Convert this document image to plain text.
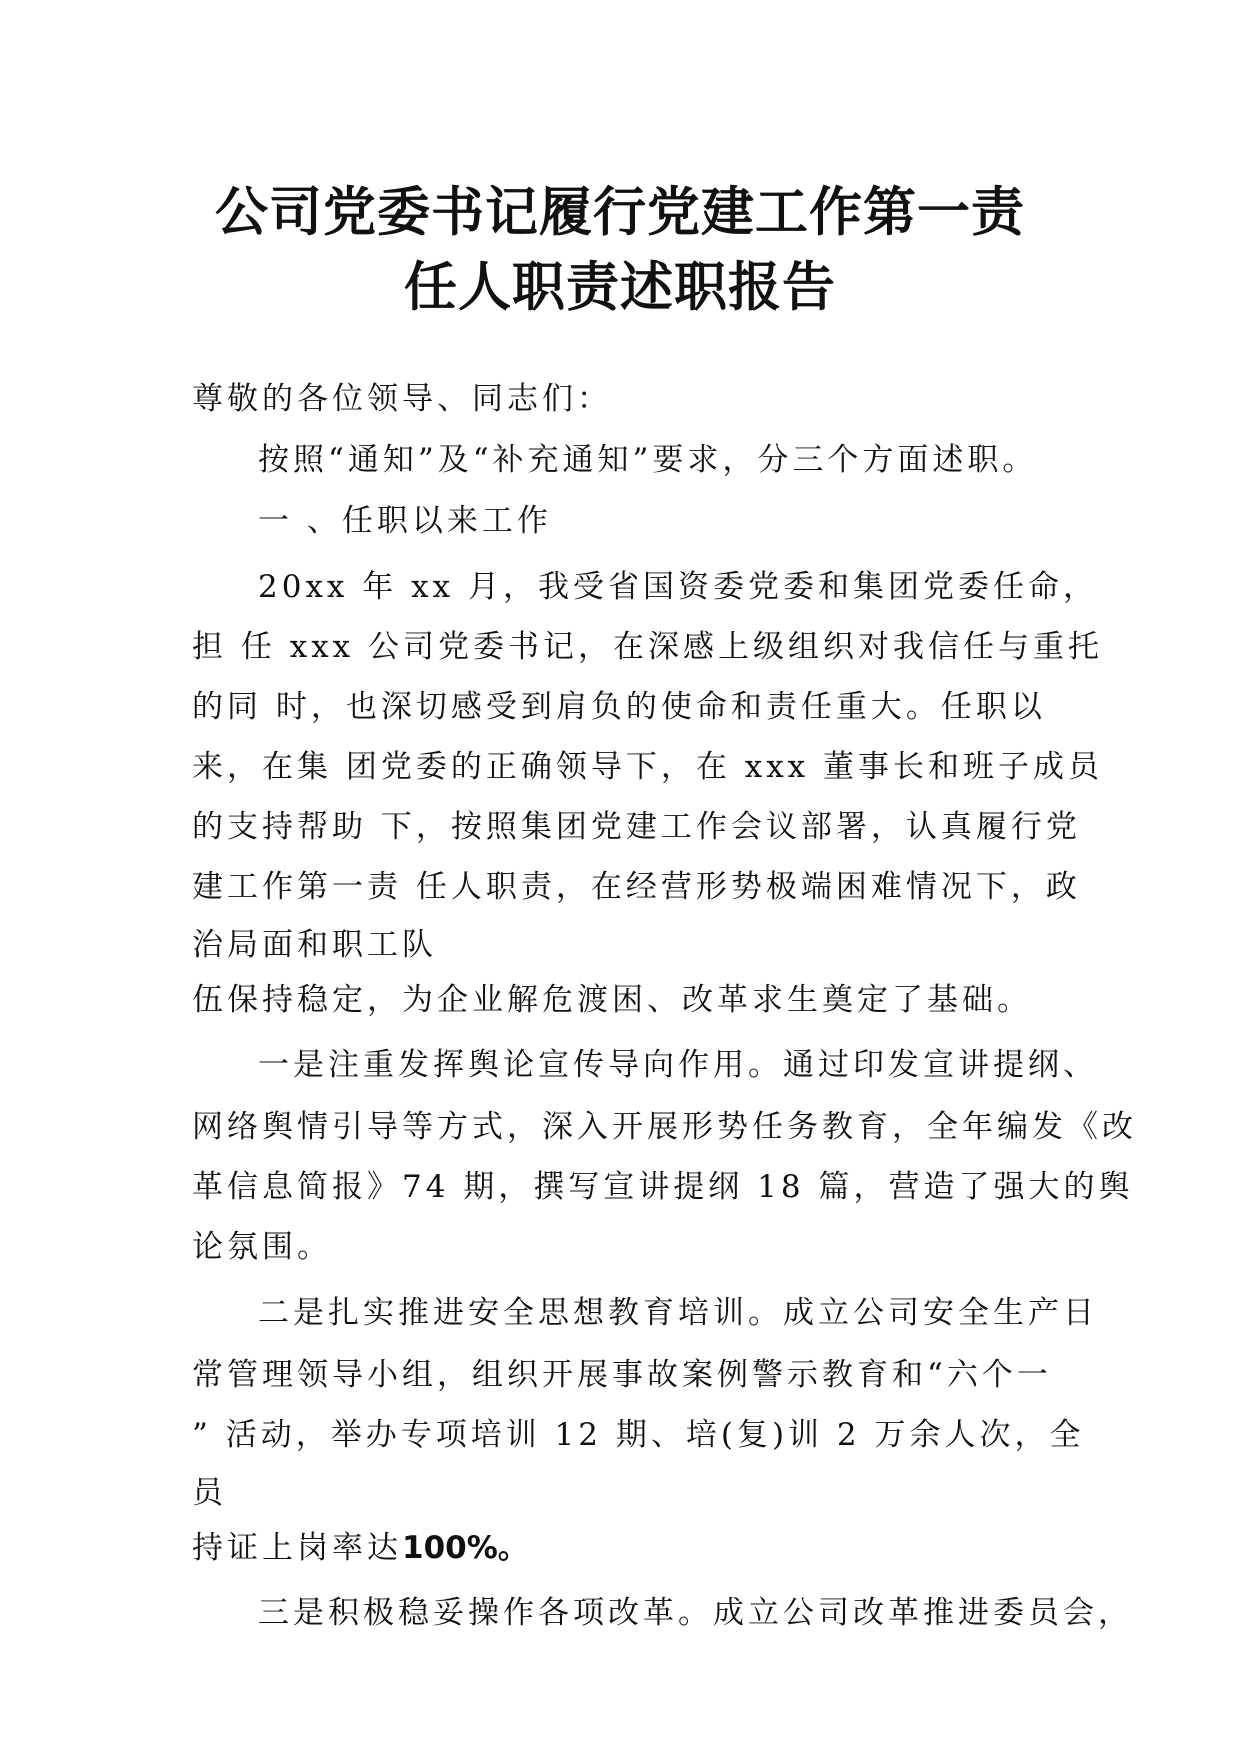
公司党委书记履行党建工作第一责
任人职责述职报告
尊敬的各位领导、同志们：
按照“通知”及“补充通知”要求，分三个方面述职。
一 、任职以来工作
20xx 年 xx 月，我受省国资委党委和集团党委任命，
担 任 xxx 公司党委书记，在深感上级组织对我信任与重托
的同 时，也深切感受到肩负的使命和责任重大。任职以
来，在集 团党委的正确领导下，在 xxx 董事长和班子成员
的支持帮助 下，按照集团党建工作会议部署，认真履行党
建工作第一责 任人职责，在经营形势极端困难情况下，政
治局面和职工队
伍保持稳定，为企业解危渡困、改革求生奠定了基础。
一是注重发挥舆论宣传导向作用。通过印发宣讲提纲、
网络舆情引导等方式，深入开展形势任务教育，全年编发《改
革信息简报》74 期，撰写宣讲提纲 18 篇，营造了强大的舆
论氛围。
二是扎实推进安全思想教育培训。成立公司安全生产日
常管理领导小组，组织开展事故案例警示教育和“六个一
” 活动，举办专项培训 12 期、培(复)训 2 万余人次，全
员
持证上岗率达100%。
三是积极稳妥操作各项改革。成立公司改革推进委员会，
